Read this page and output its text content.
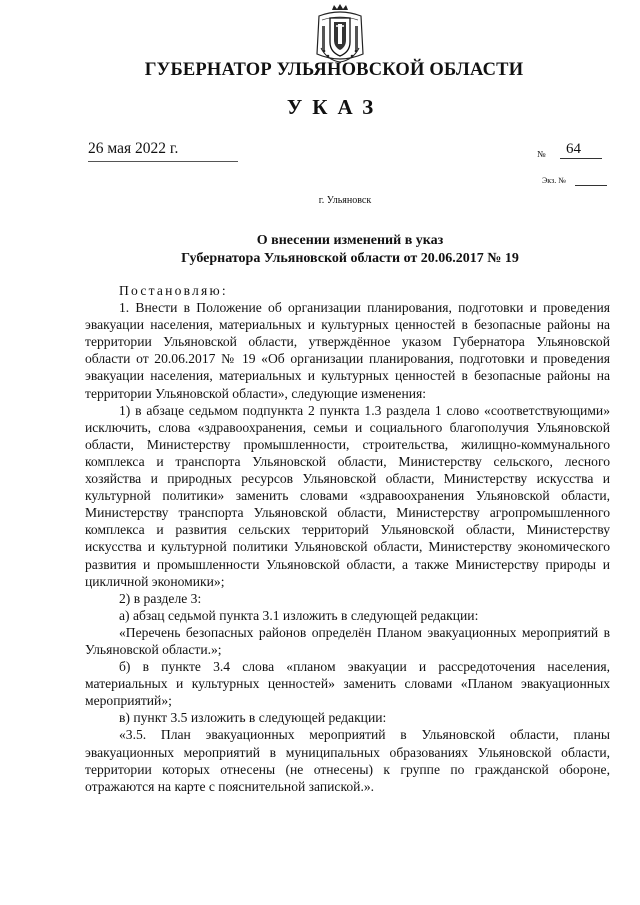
ГУБЕРНАТОР УЛЬЯНОВСКОЙ ОБЛАСТИ
УКАЗ
26 мая 2022 г.	№	64
Экз. №
г. Ульяновск
О внесении изменений в указ
Губернатора Ульяновской области от 20.06.2017 № 19

Постановляю:

1. Внести в Положение об организации планирования, подготовки и проведения эвакуации населения, материальных и культурных ценностей в безопасные районы на территории Ульяновской области, утверждённое указом Губернатора Ульяновской области от 20.06.2017 № 19 «Об организации планирования, подготовки и проведения эвакуации населения, материальных и культурных ценностей в безопасные районы на территории Ульяновской области», следующие изменения:

1) в абзаце седьмом подпункта 2 пункта 1.3 раздела 1 слово «соответствующими» исключить, слова «здравоохранения, семьи и социального благополучия Ульяновской области, Министерству промышленности, строительства, жилищно-коммунального комплекса и транспорта Ульяновской области, Министерству сельского, лесного хозяйства и природных ресурсов Ульяновской области, Министерству искусства и культурной политики» заменить словами «здравоохранения Ульяновской области, Министерству транспорта Ульяновской области, Министерству агропромышленного комплекса и развития сельских территорий Ульяновской области, Министерству искусства и культурной политики Ульяновской области, Министерству экономического развития и промышленности Ульяновской области, а также Министерству природы и цикличной экономики»;

2) в разделе 3:

а) абзац седьмой пункта 3.1 изложить в следующей редакции:

«Перечень безопасных районов определён Планом эвакуационных мероприятий в Ульяновской области.»;

б) в пункте 3.4 слова «планом эвакуации и рассредоточения населения, материальных и культурных ценностей» заменить словами «Планом эвакуационных мероприятий»;

в) пункт 3.5 изложить в следующей редакции:

«3.5. План эвакуационных мероприятий в Ульяновской области, планы эвакуационных мероприятий в муниципальных образованиях Ульяновской области, территории которых отнесены (не отнесены) к группе по гражданской обороне, отражаются на карте с пояснительной запиской.».
